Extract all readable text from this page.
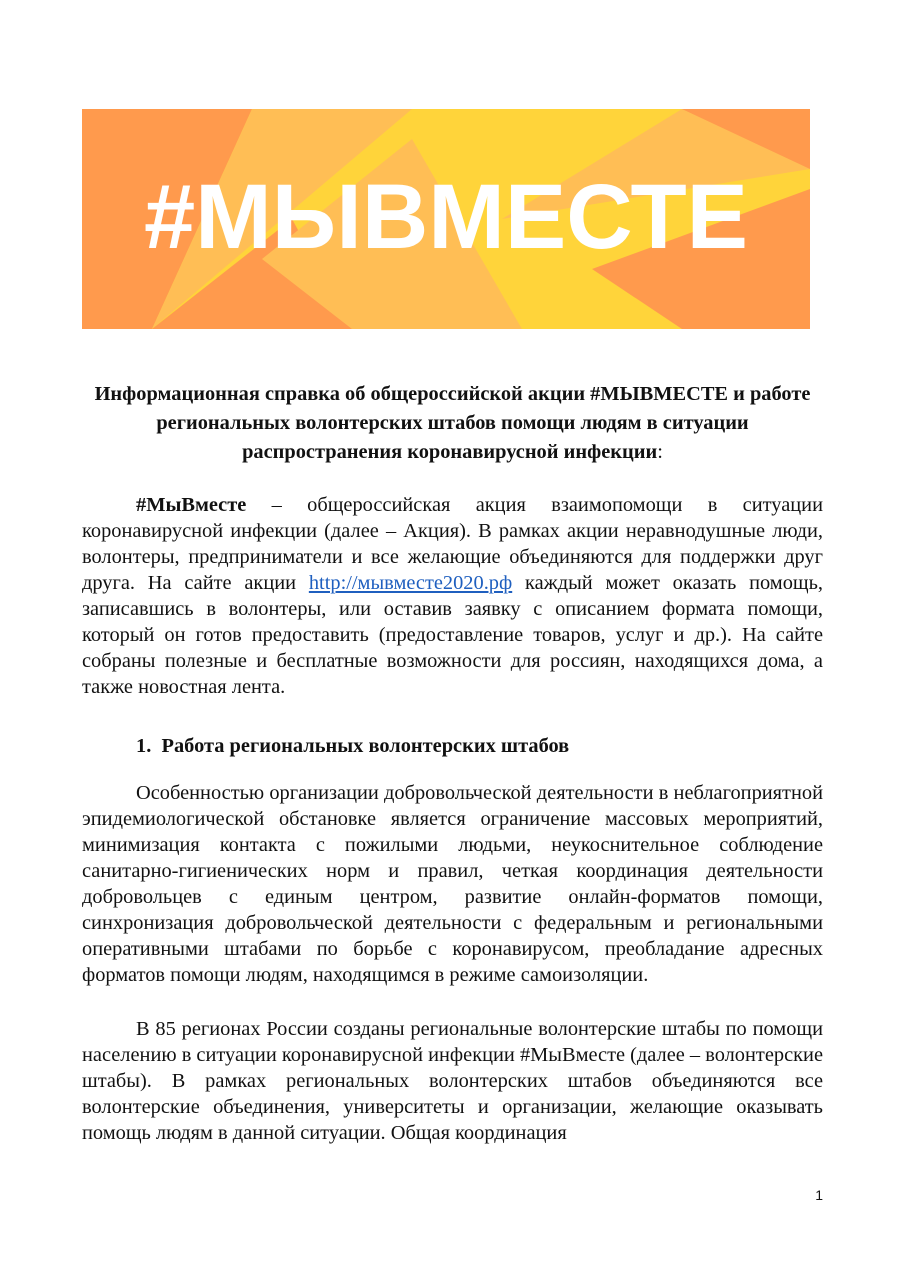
#МЫВМЕСТЕ
Информационная справка об общероссийской акции #МЫВМЕСТЕ и работе региональных волонтерских штабов помощи людям в ситуации распространения коронавирусной инфекции:

#МыВместе – общероссийская акция взаимопомощи в ситуации коронавирусной инфекции (далее – Акция). В рамках акции неравнодушные люди, волонтеры, предприниматели и все желающие объединяются для поддержки друг друга. На сайте акции http://мывместе2020.рф каждый может оказать помощь, записавшись в волонтеры, или оставив заявку с описанием формата помощи, который он готов предоставить (предоставление товаров, услуг и др.). На сайте собраны полезные и бесплатные возможности для россиян, находящихся дома, а также новостная лента.

1. Работа региональных волонтерских штабов

Особенностью организации добровольческой деятельности в неблагоприятной эпидемиологической обстановке является ограничение массовых мероприятий, минимизация контакта с пожилыми людьми, неукоснительное соблюдение санитарно-гигиенических норм и правил, четкая координация деятельности добровольцев с единым центром, развитие онлайн-форматов помощи, синхронизация добровольческой деятельности с федеральным и региональными оперативными штабами по борьбе с коронавирусом, преобладание адресных форматов помощи людям, находящимся в режиме самоизоляции.

В 85 регионах России созданы региональные волонтерские штабы по помощи населению в ситуации коронавирусной инфекции #МыВместе (далее – волонтерские штабы). В рамках региональных волонтерских штабов объединяются все волонтерские объединения, университеты и организации, желающие оказывать помощь людям в данной ситуации. Общая координация

1
